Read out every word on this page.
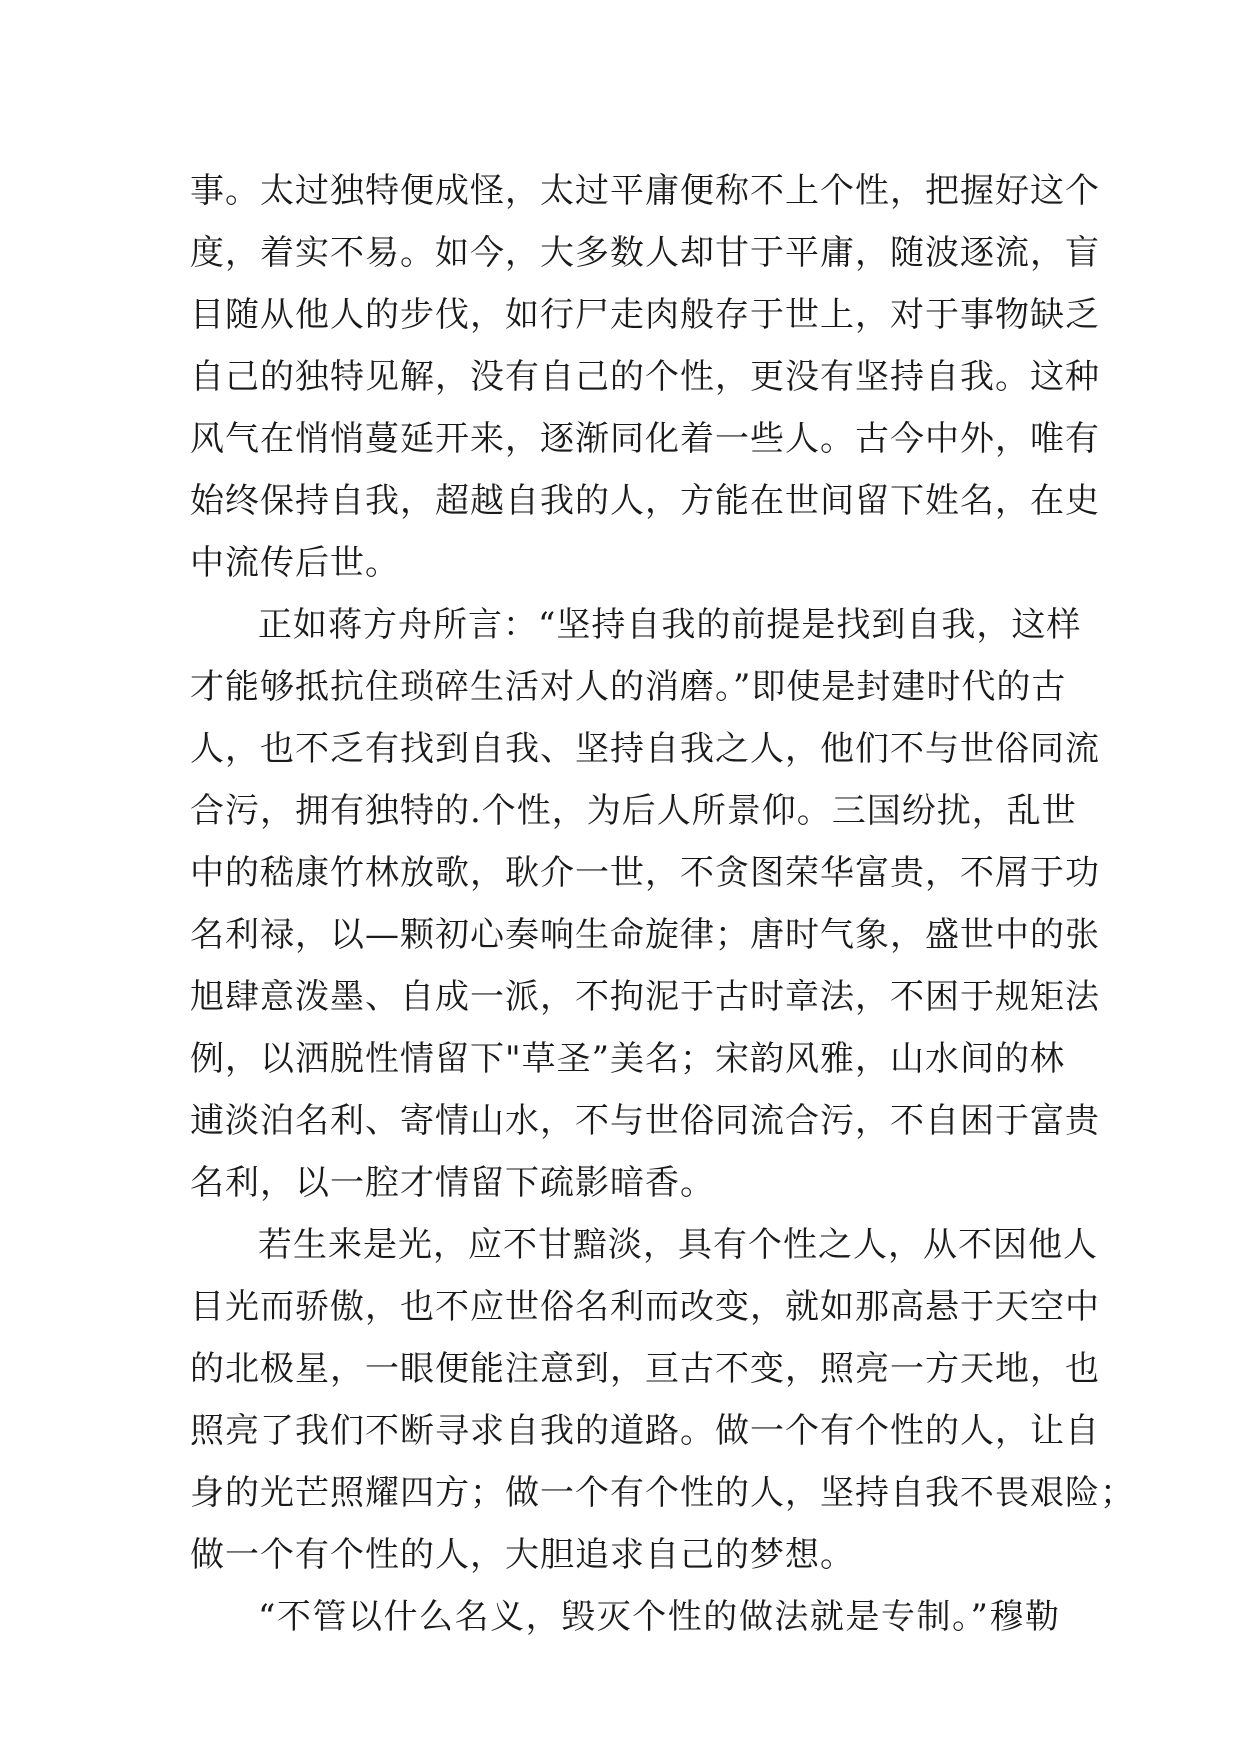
事。太过独特便成怪，太过平庸便称不上个性，把握好这个
度，着实不易。如今，大多数人却甘于平庸，随波逐流，盲
目随从他人的步伐，如行尸走肉般存于世上，对于事物缺乏
自己的独特见解，没有自己的个性，更没有坚持自我。这种
风气在悄悄蔓延开来，逐渐同化着一些人。古今中外，唯有
始终保持自我，超越自我的人，方能在世间留下姓名，在史
中流传后世。
正如蒋方舟所言：“坚持自我的前提是找到自我，这样
才能够抵抗住琐碎生活对人的消磨。”即使是封建时代的古
人，也不乏有找到自我、坚持自我之人，他们不与世俗同流
合污，拥有独特的.个性，为后人所景仰。三国纷扰，乱世
中的嵇康竹林放歌，耿介一世，不贪图荣华富贵，不屑于功
名利禄，以—颗初心奏响生命旋律；唐时气象，盛世中的张
旭肆意泼墨、自成一派，不拘泥于古时章法，不困于规矩法
例，以洒脱性情留下"草圣”美名；宋韵风雅，山水间的林
逋淡泊名利、寄情山水，不与世俗同流合污，不自困于富贵
名利，以一腔才情留下疏影暗香。
若生来是光，应不甘黯淡，具有个性之人，从不因他人
目光而骄傲，也不应世俗名利而改变，就如那高悬于天空中
的北极星，一眼便能注意到，亘古不变，照亮一方天地，也
照亮了我们不断寻求自我的道路。做一个有个性的人，让自
身的光芒照耀四方；做一个有个性的人，坚持自我不畏艰险；
做一个有个性的人，大胆追求自己的梦想。
“不管以什么名义，毁灭个性的做法就是专制。”穆勒
